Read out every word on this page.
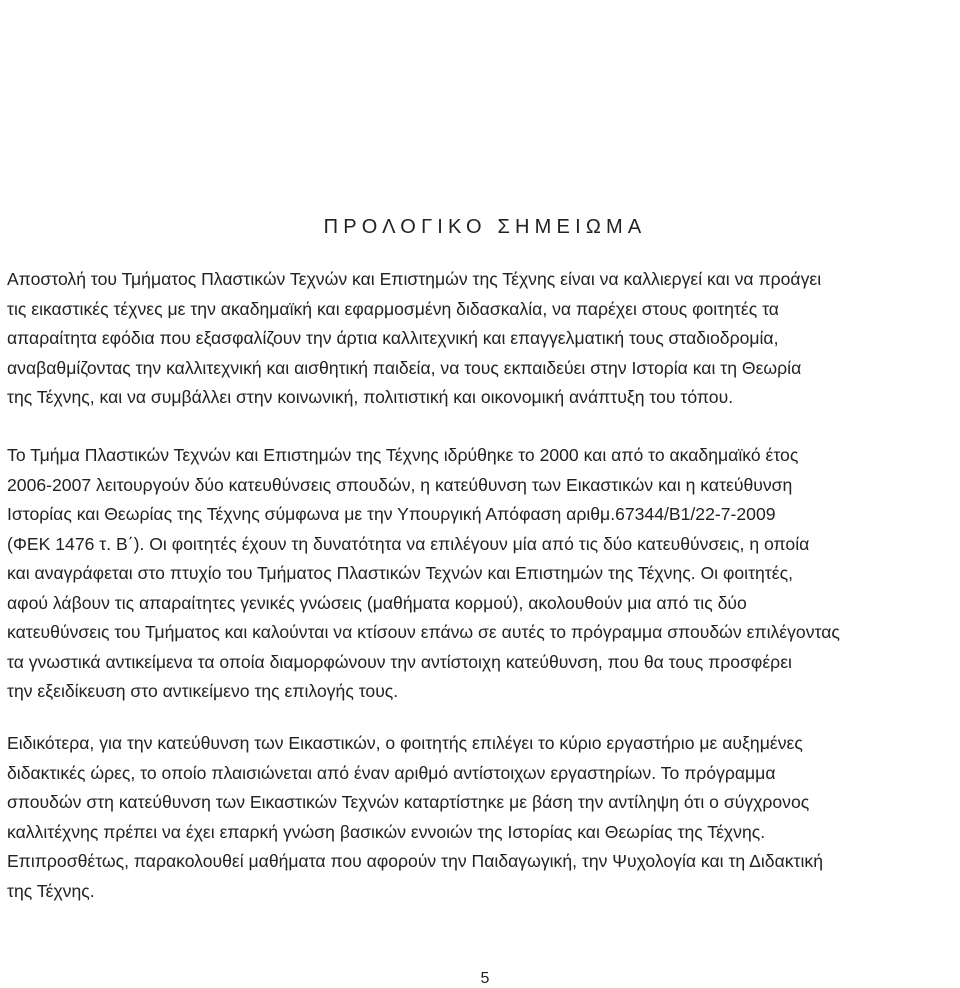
ΠΡΟΛΟΓΙΚΟ ΣΗΜΕΙΩΜΑ

Αποστολή του Τμήματος Πλαστικών Τεχνών και Επιστημών της Τέχνης είναι να καλλιεργεί και να προάγει
τις εικαστικές τέχνες με την ακαδημαϊκή και εφαρμοσμένη διδασκαλία, να παρέχει στους φοιτητές τα
απαραίτητα εφόδια που εξασφαλίζουν την άρτια καλλιτεχνική και επαγγελματική τους σταδιοδρομία,
αναβαθμίζοντας την καλλιτεχνική και αισθητική παιδεία, να τους εκπαιδεύει στην Ιστορία και τη Θεωρία
της Τέχνης, και να συμβάλλει στην κοινωνική, πολιτιστική και οικονομική ανάπτυξη του τόπου.

Το Τμήμα Πλαστικών Τεχνών και Επιστημών της Τέχνης ιδρύθηκε το 2000 και από το ακαδημαϊκό έτος
2006-2007 λειτουργούν δύο κατευθύνσεις σπουδών, η κατεύθυνση των Εικαστικών και η κατεύθυνση
Ιστορίας και Θεωρίας της Τέχνης σύμφωνα με την Υπουργική Απόφαση αριθμ.67344/Β1/22-7-2009
(ΦΕΚ 1476 τ. Β΄). Οι φοιτητές έχουν τη δυνατότητα να επιλέγουν μία από τις δύο κατευθύνσεις, η οποία
και αναγράφεται στο πτυχίο του Τμήματος Πλαστικών Τεχνών και Επιστημών της Τέχνης. Οι φοιτητές,
αφού λάβουν τις απαραίτητες γενικές γνώσεις (μαθήματα κορμού), ακολουθούν μια από τις δύο
κατευθύνσεις του Τμήματος και καλούνται να κτίσουν επάνω σε αυτές το πρόγραμμα σπουδών επιλέγοντας
τα γνωστικά αντικείμενα τα οποία διαμορφώνουν την αντίστοιχη κατεύθυνση, που θα τους προσφέρει
την εξειδίκευση στο αντικείμενο της επιλογής τους.

Ειδικότερα, για την κατεύθυνση των Εικαστικών, ο φοιτητής επιλέγει το κύριο εργαστήριο με αυξημένες
διδακτικές ώρες, το οποίο πλαισιώνεται από έναν αριθμό αντίστοιχων εργαστηρίων. Το πρόγραμμα
σπουδών στη κατεύθυνση των Εικαστικών Τεχνών καταρτίστηκε με βάση την αντίληψη ότι ο σύγχρονος
καλλιτέχνης πρέπει να έχει επαρκή γνώση βασικών εννοιών της Ιστορίας και Θεωρίας της Τέχνης.
Επιπροσθέτως, παρακολουθεί μαθήματα που αφορούν την Παιδαγωγική, την Ψυχολογία και τη Διδακτική
της Τέχνης.

5
